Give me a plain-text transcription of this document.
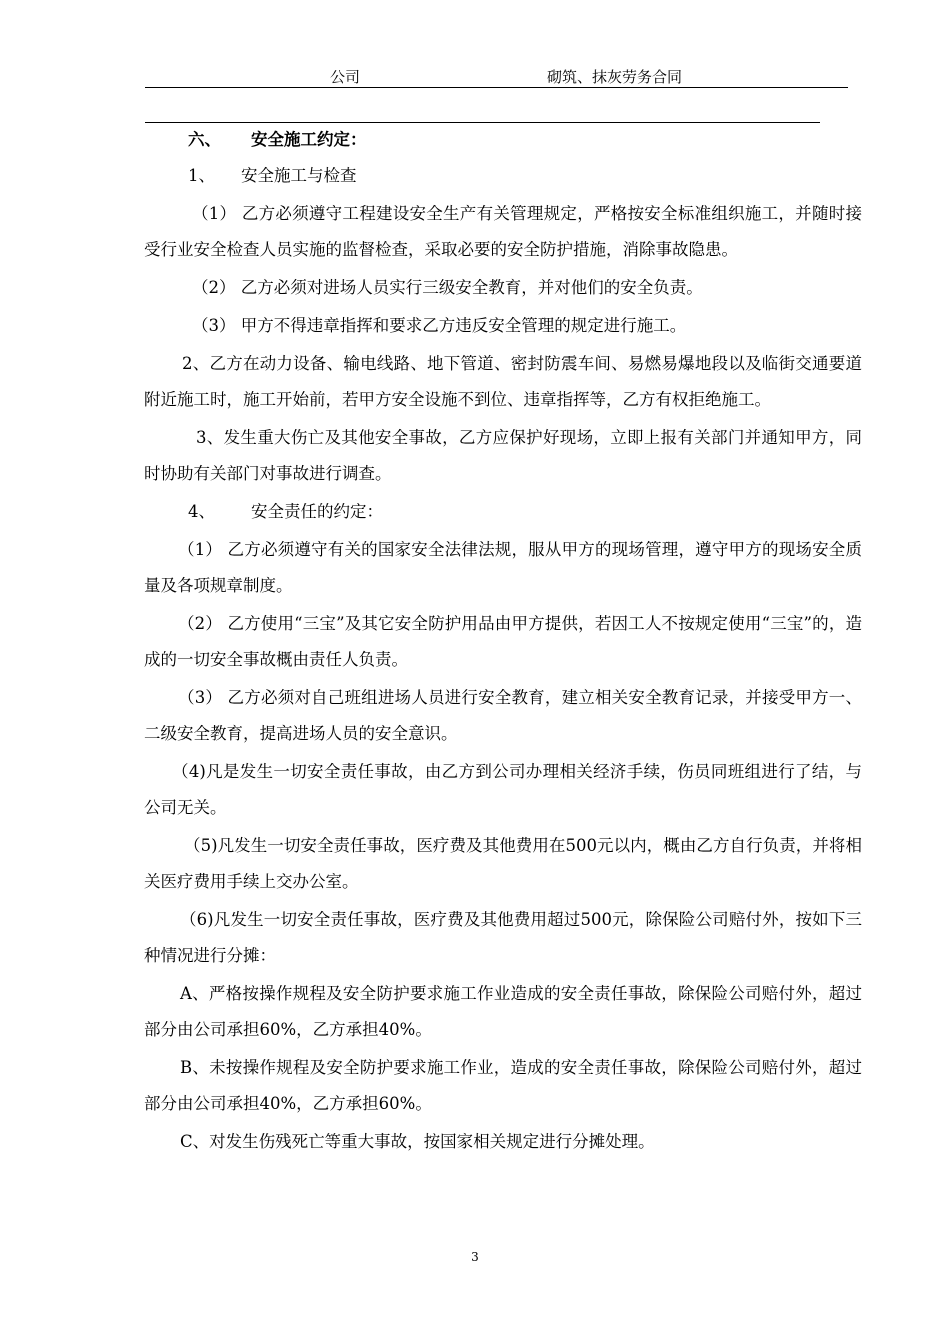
公司	砌筑、抹灰劳务合同

六、 安全施工约定：

1、 安全施工与检查

（1） 乙方必须遵守工程建设安全生产有关管理规定，严格按安全标准组织施工，并随时接受行业安全检查人员实施的监督检查，采取必要的安全防护措施，消除事故隐患。

（2） 乙方必须对进场人员实行三级安全教育，并对他们的安全负责。

（3） 甲方不得违章指挥和要求乙方违反安全管理的规定进行施工。

2、乙方在动力设备、输电线路、地下管道、密封防震车间、易燃易爆地段以及临街交通要道附近施工时，施工开始前，若甲方安全设施不到位、违章指挥等，乙方有权拒绝施工。

3、发生重大伤亡及其他安全事故，乙方应保护好现场，立即上报有关部门并通知甲方，同时协助有关部门对事故进行调查。

4、 安全责任的约定：

（1） 乙方必须遵守有关的国家安全法律法规，服从甲方的现场管理，遵守甲方的现场安全质量及各项规章制度。

（2） 乙方使用“三宝”及其它安全防护用品由甲方提供，若因工人不按规定使用“三宝”的，造成的一切安全事故概由责任人负责。

（3） 乙方必须对自己班组进场人员进行安全教育，建立相关安全教育记录，并接受甲方一、二级安全教育，提高进场人员的安全意识。

（4)凡是发生一切安全责任事故，由乙方到公司办理相关经济手续，伤员同班组进行了结，与公司无关。

（5)凡发生一切安全责任事故，医疗费及其他费用在500元以内，概由乙方自行负责，并将相关医疗费用手续上交办公室。

（6)凡发生一切安全责任事故，医疗费及其他费用超过500元，除保险公司赔付外，按如下三种情况进行分摊：

A、严格按操作规程及安全防护要求施工作业造成的安全责任事故，除保险公司赔付外，超过部分由公司承担60%，乙方承担40%。

B、未按操作规程及安全防护要求施工作业，造成的安全责任事故，除保险公司赔付外，超过部分由公司承担40%，乙方承担60%。

C、对发生伤残死亡等重大事故，按国家相关规定进行分摊处理。

3
